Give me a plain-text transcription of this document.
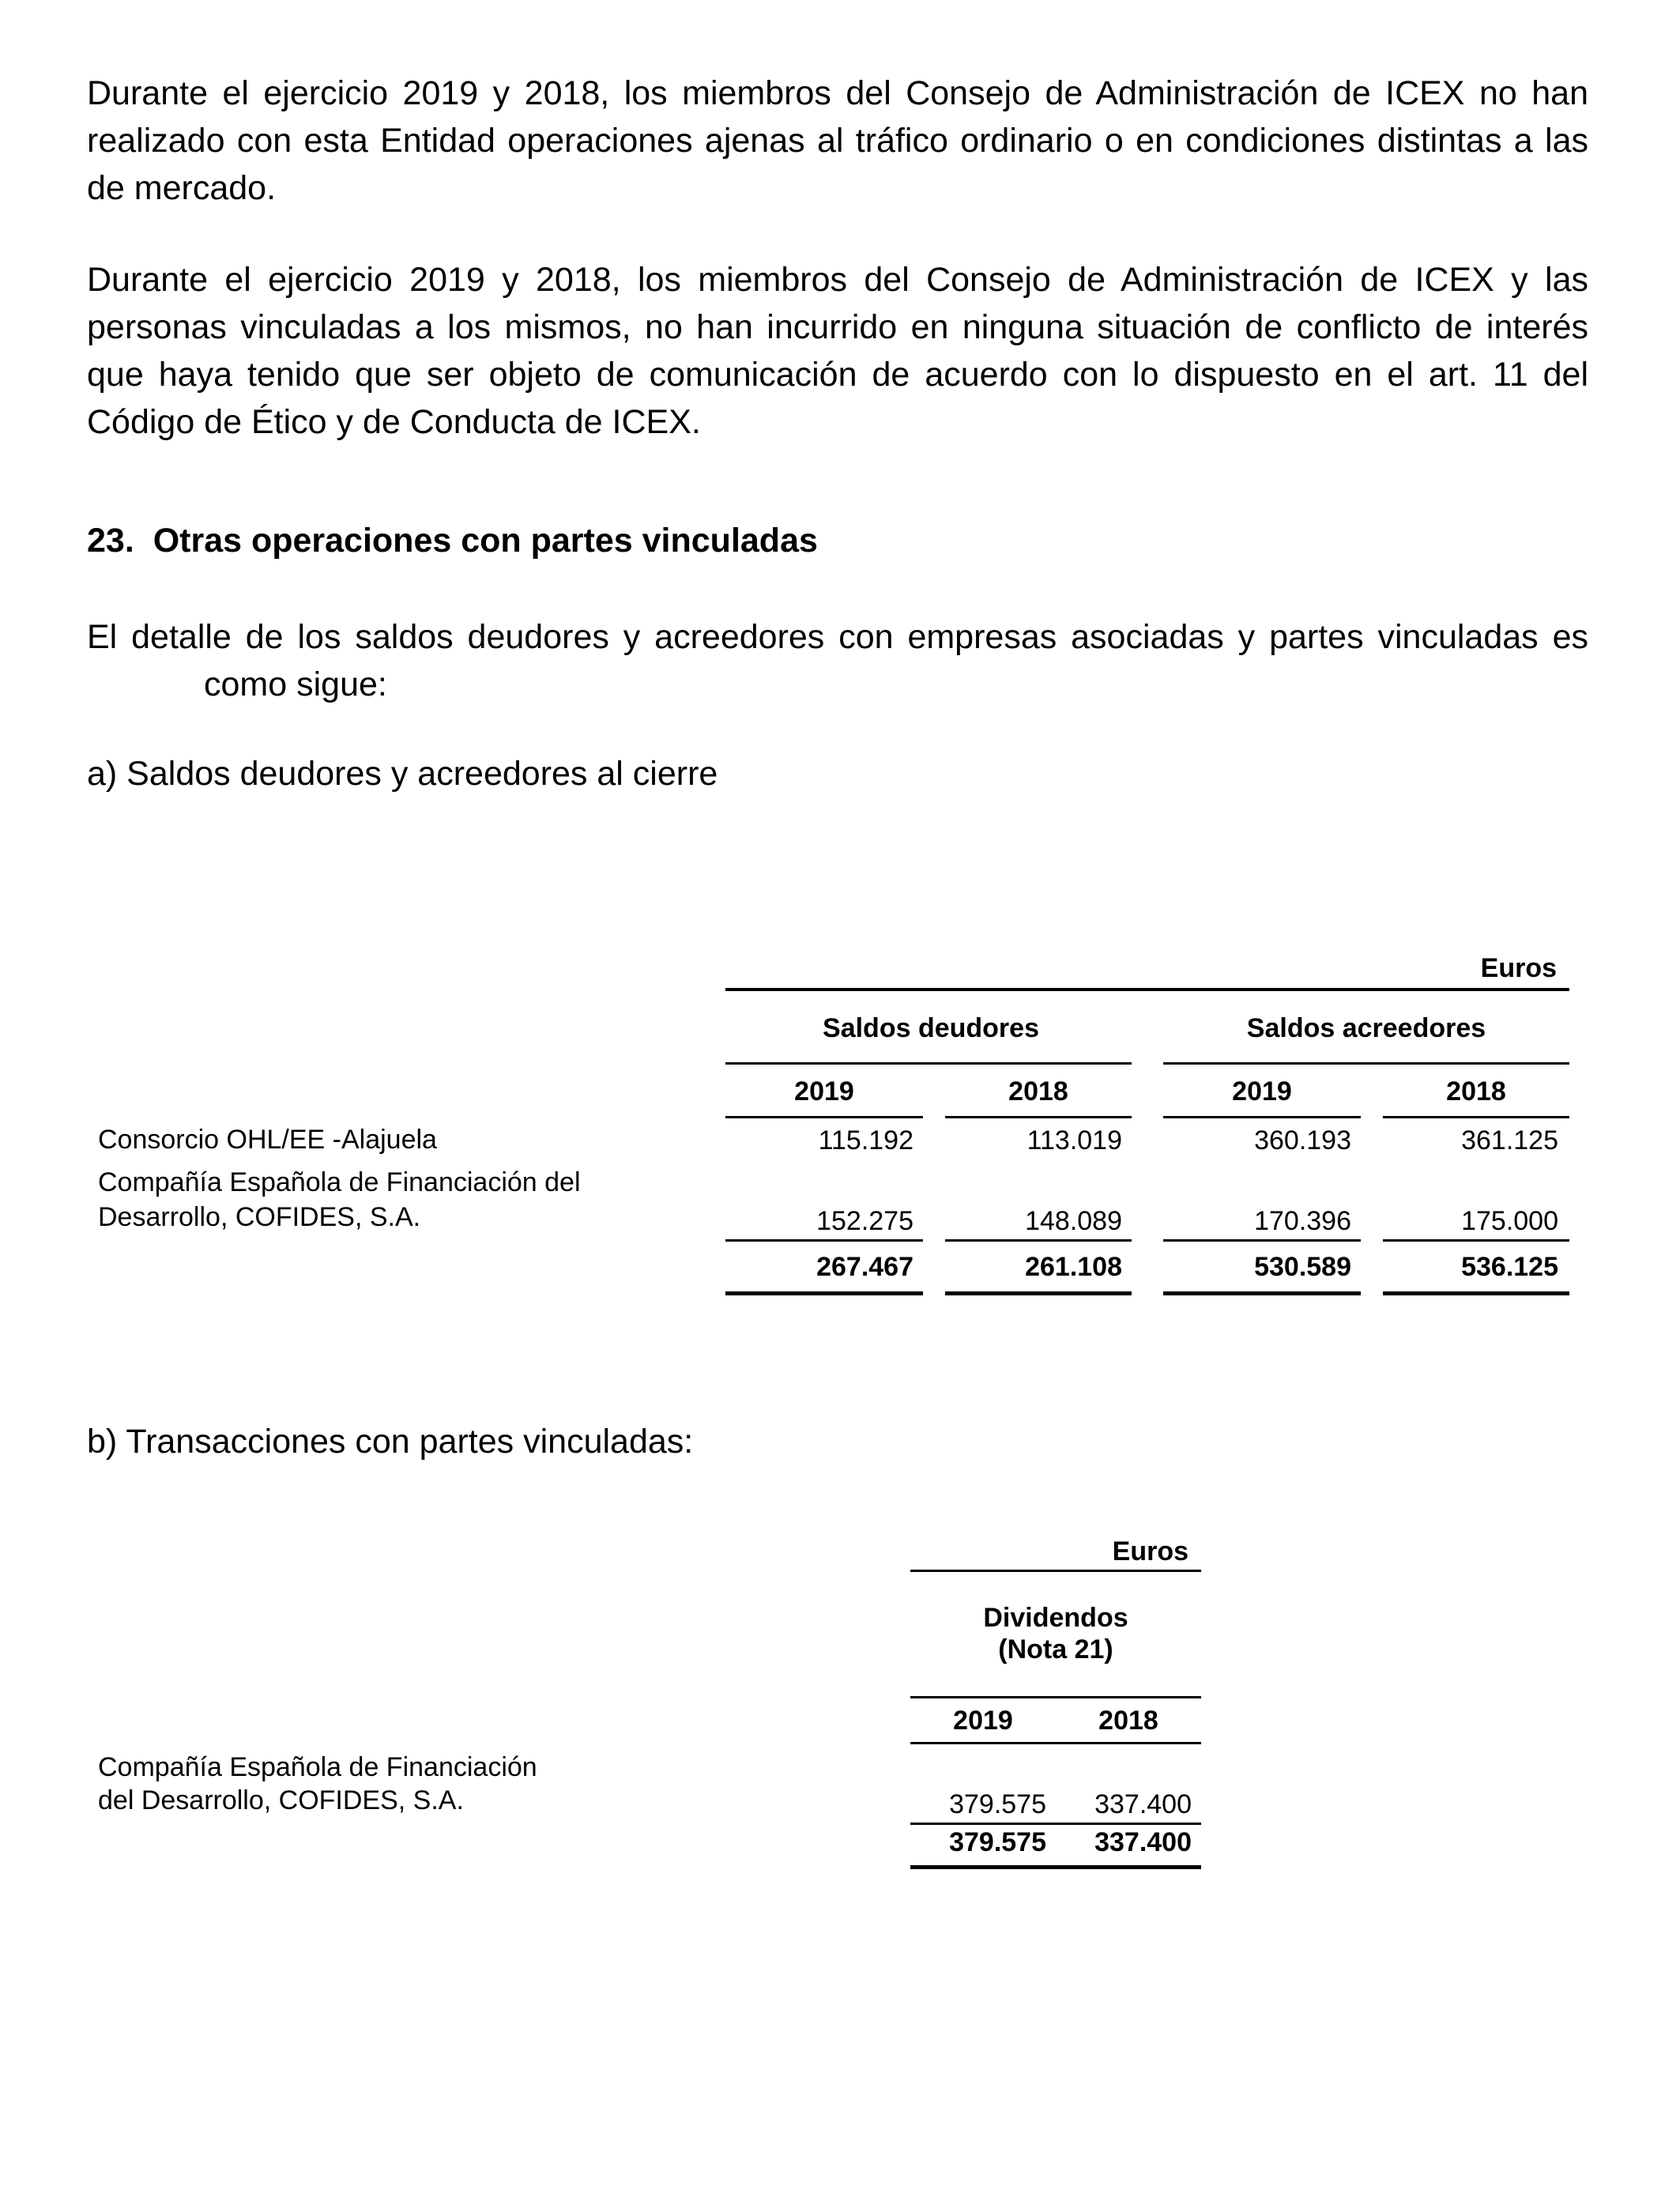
Durante el ejercicio 2019 y 2018, los miembros del Consejo de Administración de ICEX no han realizado con esta Entidad operaciones ajenas al tráfico ordinario o en condiciones distintas a las de mercado.

Durante el ejercicio 2019 y 2018, los miembros del Consejo de Administración de ICEX y las personas vinculadas a los mismos, no han incurrido en ninguna situación de conflicto de interés que haya tenido que ser objeto de comunicación de acuerdo con lo dispuesto en el art. 11 del Código de Ético y de Conducta de ICEX.

23. Otras operaciones con partes vinculadas
El detalle de los saldos deudores y acreedores con empresas asociadas y partes vinculadas es
como sigue:
a) Saldos deudores y acreedores al cierre
Euros
Saldos deudores	Saldos acreedores
2019	2018	2019	2018
Consorcio OHL/EE -Alajuela	115.192	113.019	360.193	361.125
Compañía Española de Financiación del
Desarrollo, COFIDES, S.A.	152.275	148.089	170.396	175.000
267.467	261.108	530.589	536.125
b) Transacciones con partes vinculadas:
Euros
Dividendos
(Nota 21)
2019	2018
Compañía Española de Financiación
del Desarrollo, COFIDES, S.A.	379.575	337.400
379.575	337.400
